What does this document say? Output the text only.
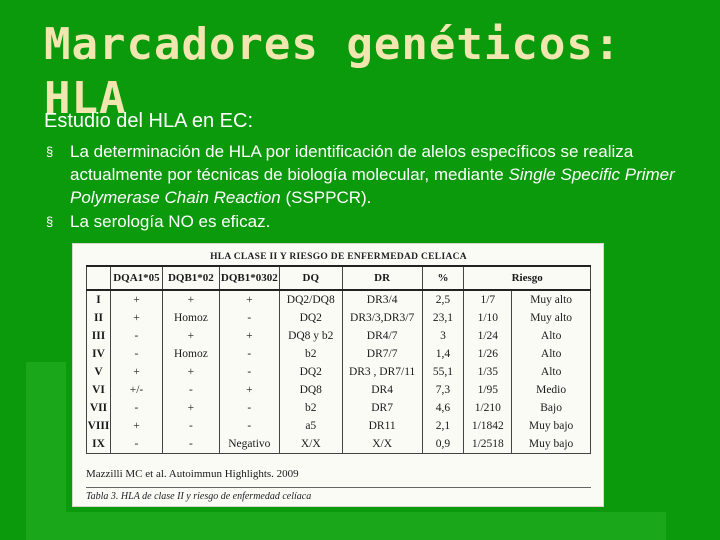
Marcadores genéticos:
HLA

Estudio del HLA en EC:

§ La determinación de HLA por identificación de alelos específicos se realiza actualmente por técnicas de biología molecular, mediante Single Specific Primer Polymerase Chain Reaction (SSPPCR).
§ La serología NO es eficaz.
HLA CLASE II Y RIESGO DE ENFERMEDAD CELIACA
	DQA1*05	DQB1*02	DQB1*0302	DQ	DR	%	Riesgo	
I	+	+	+	DQ2/DQ8	DR3/4	2,5	1/7	Muy alto
II	+	Homoz	-	DQ2	DR3/3,DR3/7	23,1	1/10	Muy alto
III	-	+	+	DQ8 y b2	DR4/7	3	1/24	Alto
IV	-	Homoz	-	b2	DR7/7	1,4	1/26	Alto
V	+	+	-	DQ2	DR3 , DR7/11	55,1	1/35	Alto
VI	+/-	-	+	DQ8	DR4	7,3	1/95	Medio
VII	-	+	-	b2	DR7	4,6	1/210	Bajo
VIII	+	-	-	a5	DR11	2,1	1/1842	Muy bajo
IX	-	-	Negativo	X/X	X/X	0,9	1/2518	Muy bajo
Mazzilli MC et al. Autoimmun Highlights. 2009
Tabla 3. HLA de clase II y riesgo de enfermedad celíaca
